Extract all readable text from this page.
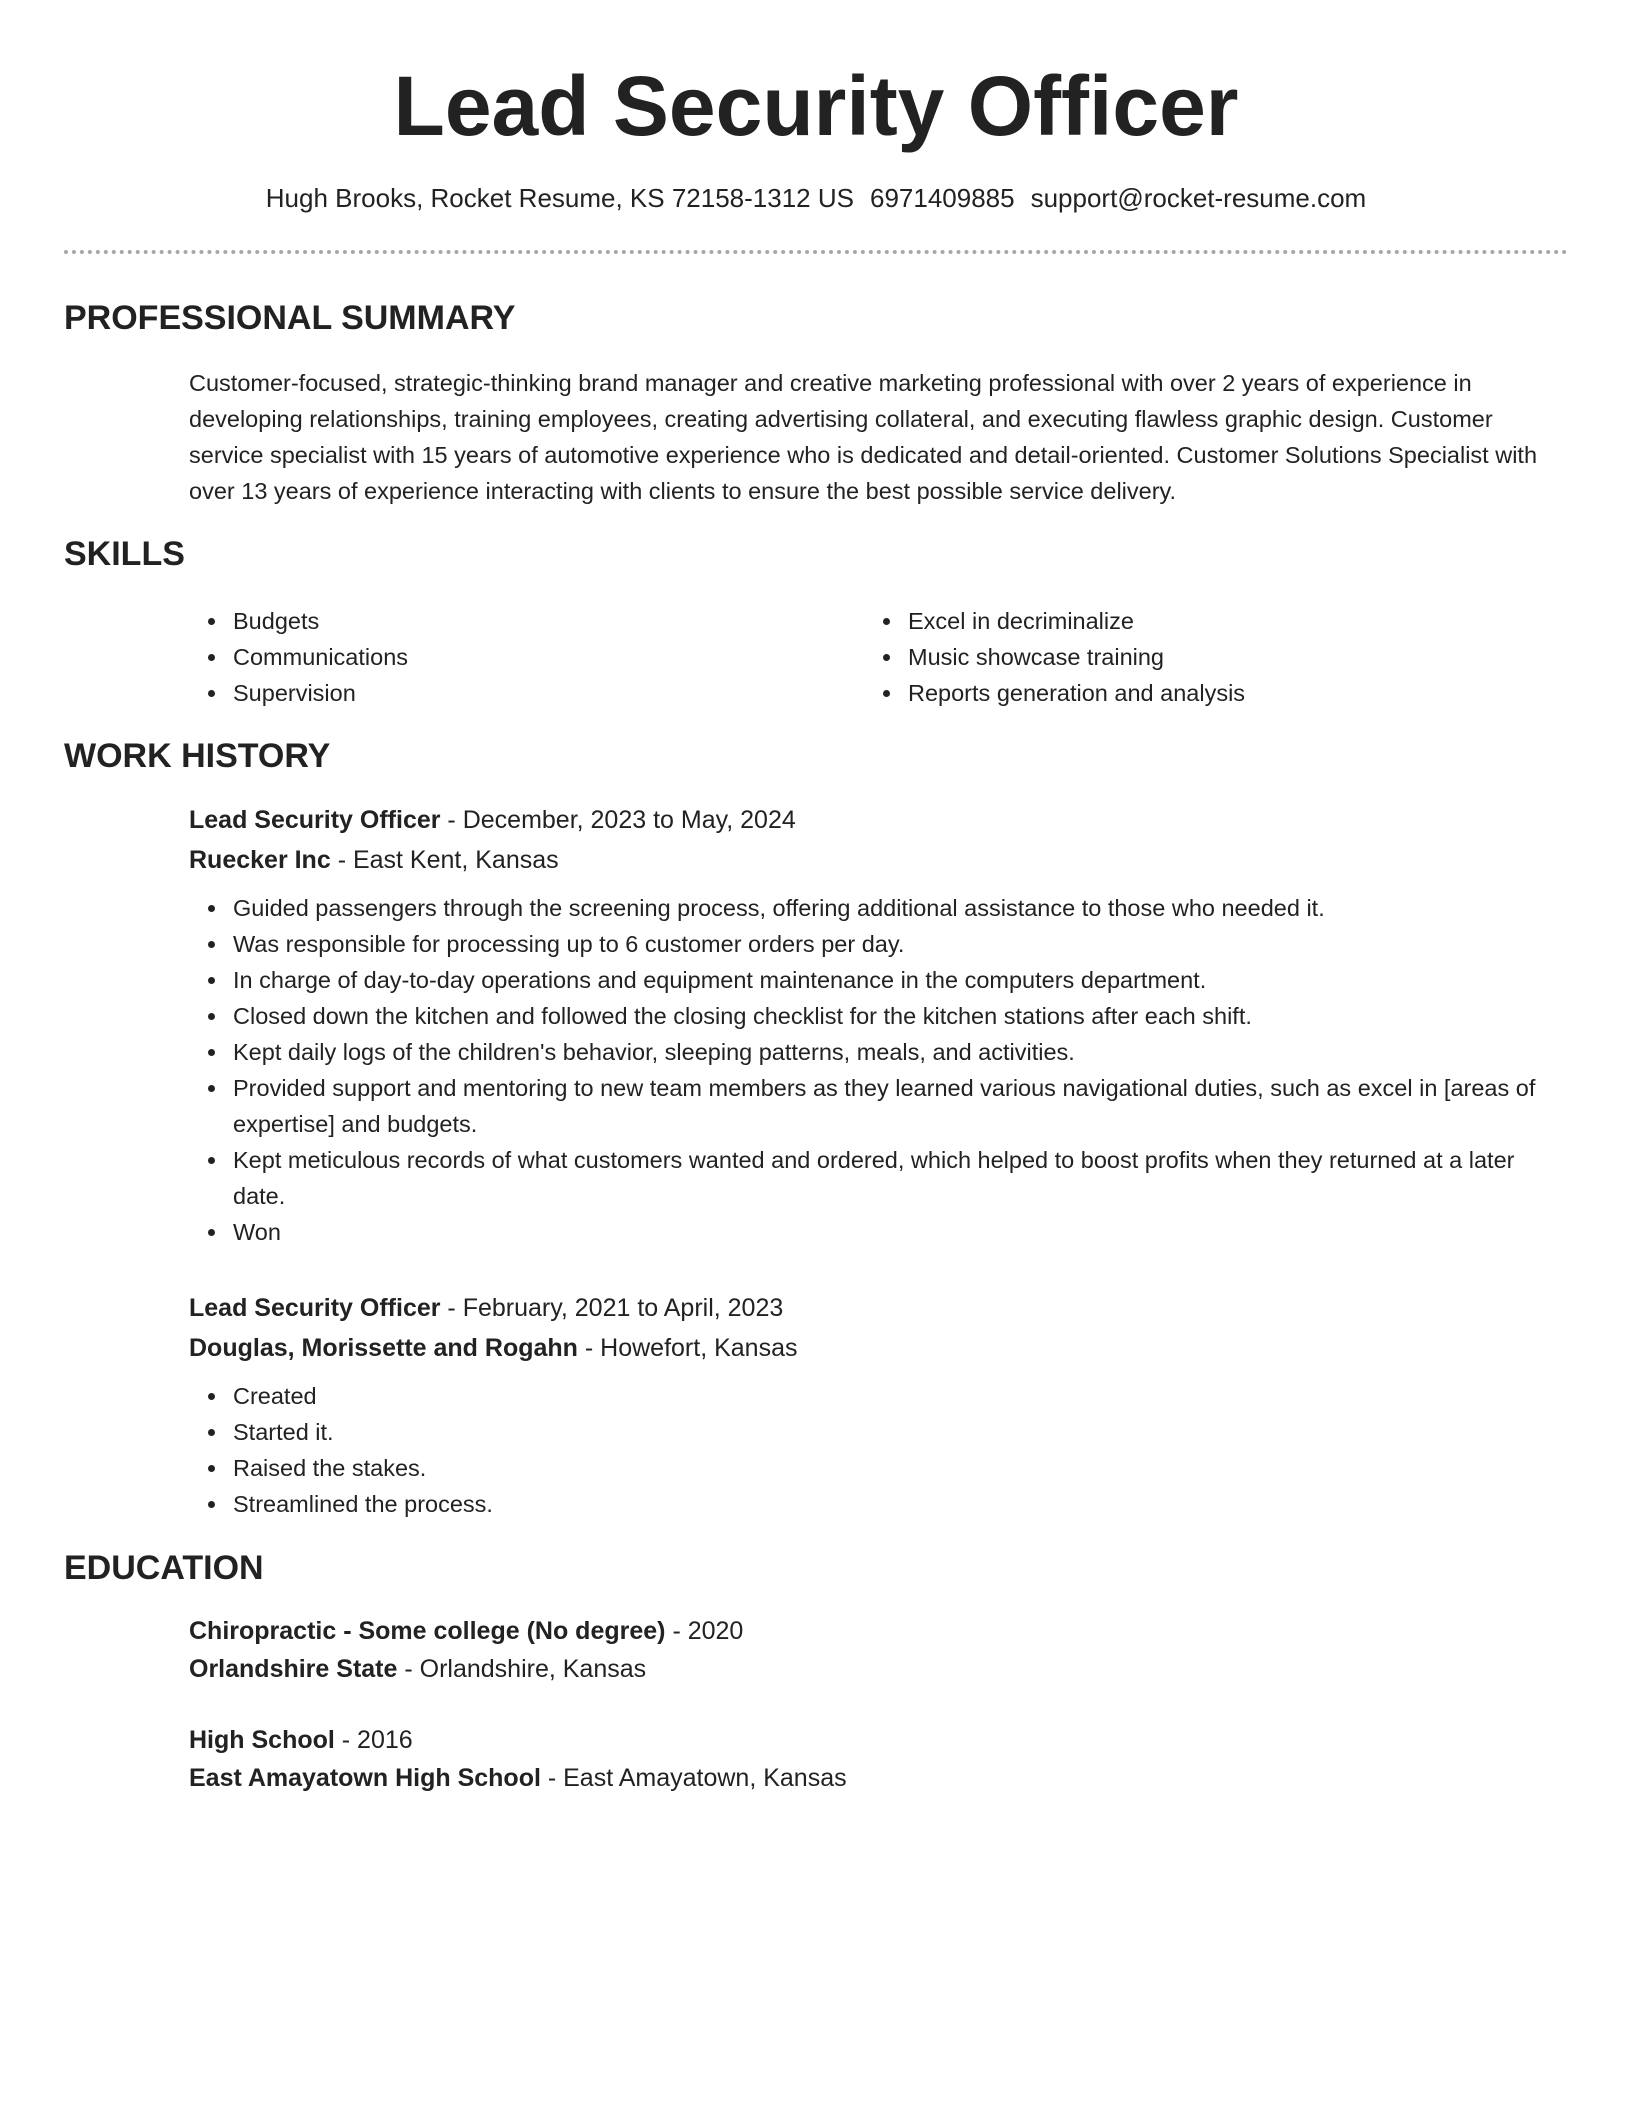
Lead Security Officer
Hugh Brooks, Rocket Resume, KS 72158-1312 US 6971409885 support@rocket-resume.com
PROFESSIONAL SUMMARY

Customer-focused, strategic-thinking brand manager and creative marketing professional with over 2 years of experience in developing relationships, training employees, creating advertising collateral, and executing flawless graphic design. Customer service specialist with 15 years of automotive experience who is dedicated and detail-oriented. Customer Solutions Specialist with over 13 years of experience interacting with clients to ensure the best possible service delivery.

SKILLS
Budgets
Communications
Supervision
Excel in decriminalize
Music showcase training
Reports generation and analysis
WORK HISTORY
Lead Security Officer - December, 2023 to May, 2024
Ruecker Inc - East Kent, Kansas
Guided passengers through the screening process, offering additional assistance to those who needed it.
Was responsible for processing up to 6 customer orders per day.
In charge of day-to-day operations and equipment maintenance in the computers department.
Closed down the kitchen and followed the closing checklist for the kitchen stations after each shift.
Kept daily logs of the children's behavior, sleeping patterns, meals, and activities.
Provided support and mentoring to new team members as they learned various navigational duties, such as excel in [areas of expertise] and budgets.
Kept meticulous records of what customers wanted and ordered, which helped to boost profits when they returned at a later date.
Won
Lead Security Officer - February, 2021 to April, 2023
Douglas, Morissette and Rogahn - Howefort, Kansas
Created
Started it.
Raised the stakes.
Streamlined the process.
EDUCATION
Chiropractic - Some college (No degree) - 2020
Orlandshire State - Orlandshire, Kansas
High School - 2016
East Amayatown High School - East Amayatown, Kansas
